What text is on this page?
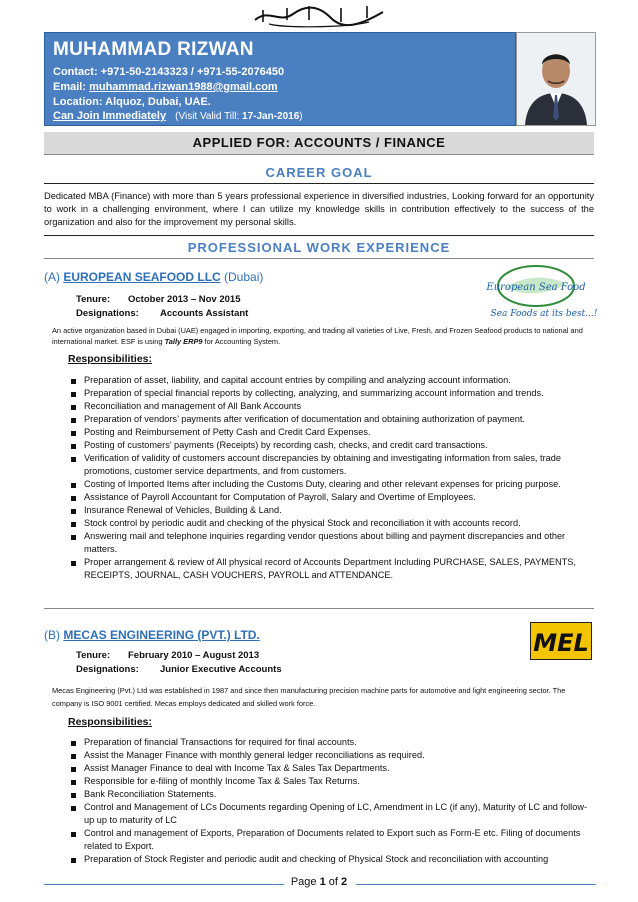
MUHAMMAD RIZWAN
Contact: +971-50-2143323 / +971-55-2076450
Email: muhammad.rizwan1988@gmail.com
Location: Alquoz, Dubai, UAE.
Can Join Immediately (Visit Valid Till: 17-Jan-2016)
APPLIED FOR: ACCOUNTS / FINANCE
CAREER GOAL
Dedicated MBA (Finance) with more than 5 years professional experience in diversified industries, Looking forward for an opportunity to work in a challenging environment, where I can utilize my knowledge skills in contribution effectively to the success of the organization and also for the improvement my personal skills.
PROFESSIONAL WORK EXPERIENCE
(A) EUROPEAN SEAFOOD LLC (Dubai)
European Sea Food
Sea Foods at its best...!
Tenure: October 2013 – Nov 2015
Designations: Accounts Assistant
An active organization based in Dubai (UAE) engaged in importing, exporting, and trading all varieties of Live, Fresh, and Frozen Seafood products to national and international market. ESF is using Tally ERP9 for Accounting System.
Responsibilities:
Preparation of asset, liability, and capital account entries by compiling and analyzing account information.
Preparation of special financial reports by collecting, analyzing, and summarizing account information and trends.
Reconciliation and management of All Bank Accounts
Preparation of vendors’ payments after verification of documentation and obtaining authorization of payment.
Posting and Reimbursement of Petty Cash and Credit Card Expenses.
Posting of customers’ payments (Receipts) by recording cash, checks, and credit card transactions.
Verification of validity of customers account discrepancies by obtaining and investigating information from sales, trade promotions, customer service departments, and from customers.
Costing of Imported Items after including the Customs Duty, clearing and other relevant expenses for pricing purpose.
Assistance of Payroll Accountant for Computation of Payroll, Salary and Overtime of Employees.
Insurance Renewal of Vehicles, Building & Land.
Stock control by periodic audit and checking of the physical Stock and reconciliation it with accounts record.
Answering mail and telephone inquiries regarding vendor questions about billing and payment discrepancies and other matters.
Proper arrangement & review of All physical record of Accounts Department Including PURCHASE, SALES, PAYMENTS, RECEIPTS, JOURNAL, CASH VOUCHERS, PAYROLL and ATTENDANCE.
(B) MECAS ENGINEERING (PVT.) LTD.	MEL
Tenure: February 2010 – August 2013
Designations: Junior Executive Accounts
Mecas Engineering (Pvt.) Ltd was established in 1987 and since then manufacturing precision machine parts for automotive and light engineering sector. The company is ISO 9001 certified. Mecas employs dedicated and skilled work force.
Responsibilities:
Preparation of financial Transactions for required for final accounts.
Assist the Manager Finance with monthly general ledger reconciliations as required.
Assist Manager Finance to deal with Income Tax & Sales Tax Departments.
Responsible for e-filing of monthly Income Tax & Sales Tax Returns.
Bank Reconciliation Statements.
Control and Management of LCs Documents regarding Opening of LC, Amendment in LC (if any), Maturity of LC and follow-up up to maturity of LC
Control and management of Exports, Preparation of Documents related to Export such as Form-E etc. Filing of documents related to Export.
Preparation of Stock Register and periodic audit and checking of Physical Stock and reconciliation with accounting
Page 1 of 2
